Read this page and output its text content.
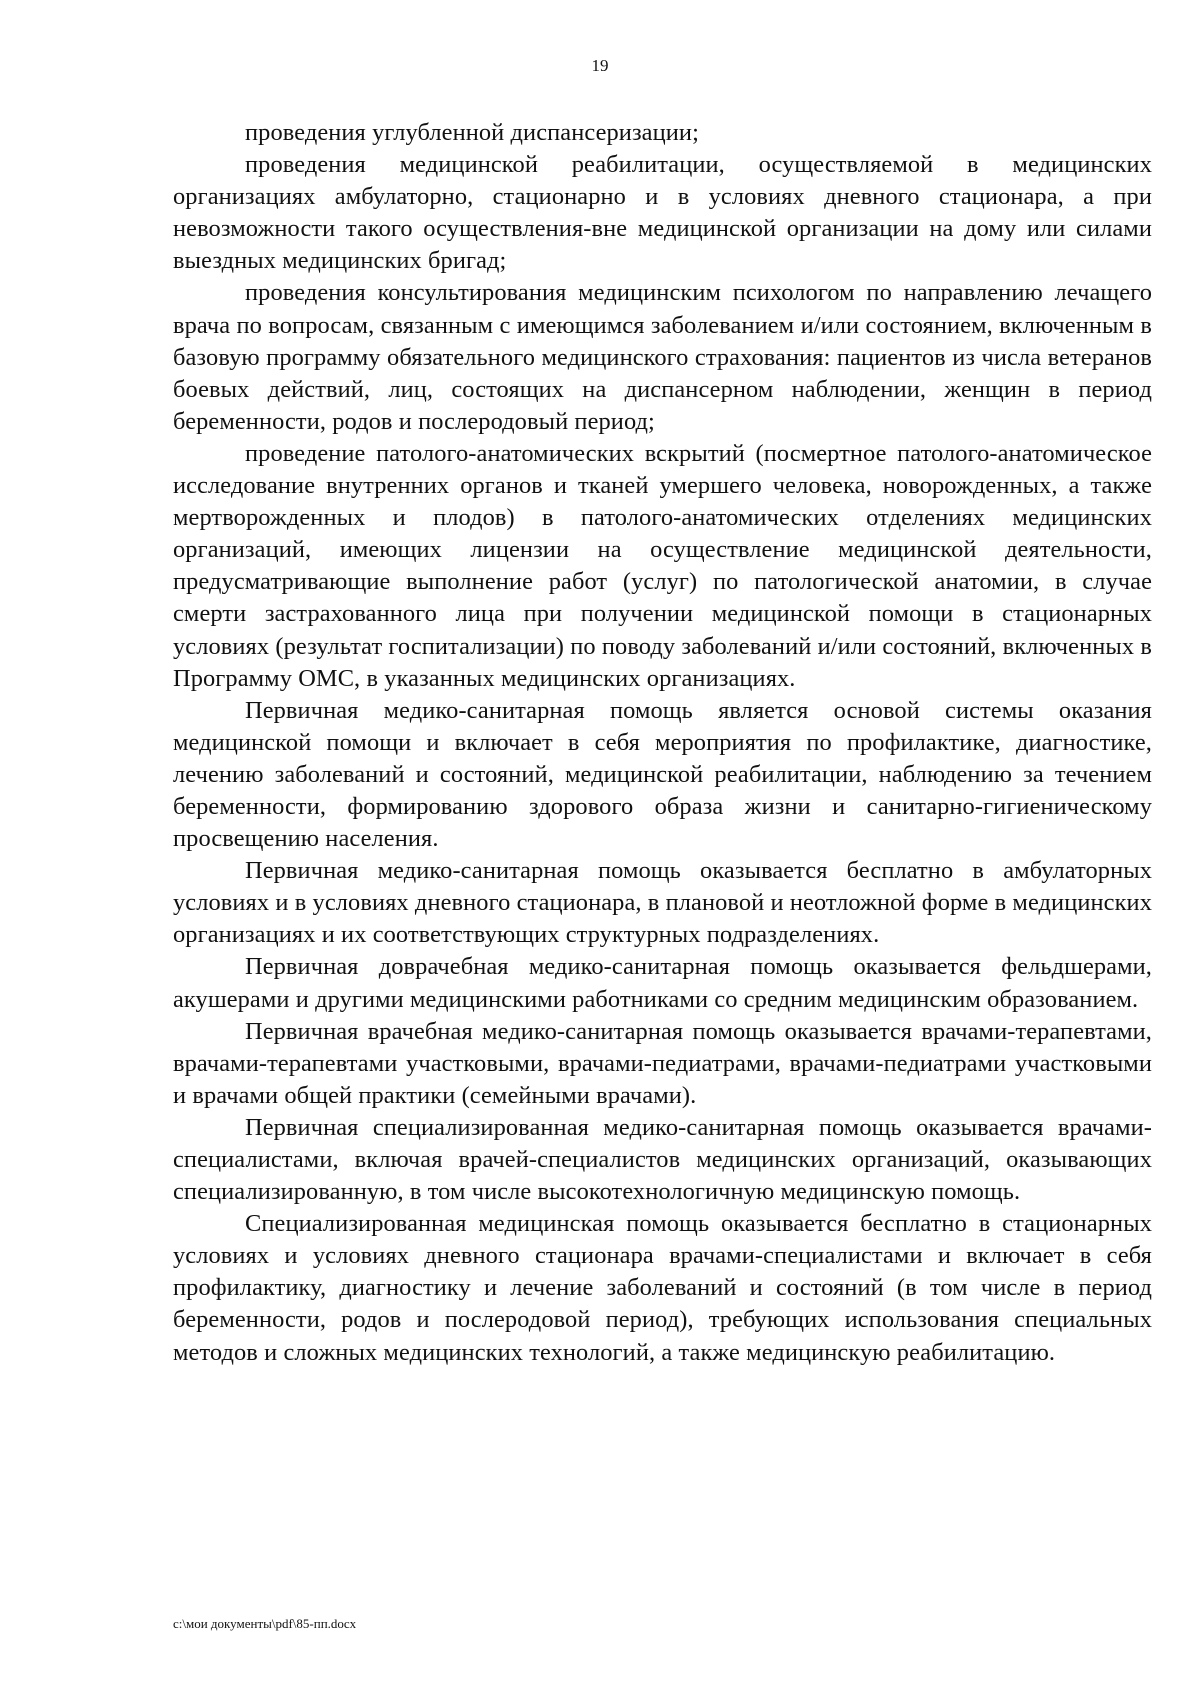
19

проведения углубленной диспансеризации;

проведения медицинской реабилитации, осуществляемой в медицинских организациях амбулаторно, стационарно и в условиях дневного стационара, а при невозможности такого осуществления-вне медицинской организации на дому или силами выездных медицинских бригад;

проведения консультирования медицинским психологом по направлению лечащего врача по вопросам, связанным с имеющимся заболеванием и/или состоянием, включенным в базовую программу обязательного медицинского страхования: пациентов из числа ветеранов боевых действий, лиц, состоящих на диспансерном наблюдении, женщин в период беременности, родов и послеродовый период;

проведение патолого-анатомических вскрытий (посмертное патолого-анатомическое исследование внутренних органов и тканей умершего человека, новорожденных, а также мертворожденных и плодов) в патолого-анатомических отделениях медицинских организаций, имеющих лицензии на осуществление медицинской деятельности, предусматривающие выполнение работ (услуг) по патологической анатомии, в случае смерти застрахованного лица при получении медицинской помощи в стационарных условиях (результат госпитализации) по поводу заболеваний и/или состояний, включенных в Программу ОМС, в указанных медицинских организациях.

Первичная медико-санитарная помощь является основой системы оказания медицинской помощи и включает в себя мероприятия по профилактике, диагностике, лечению заболеваний и состояний, медицинской реабилитации, наблюдению за течением беременности, формированию здорового образа жизни и санитарно-гигиеническому просвещению населения.

Первичная медико-санитарная помощь оказывается бесплатно в амбулаторных условиях и в условиях дневного стационара, в плановой и неотложной форме в медицинских организациях и их соответствующих структурных подразделениях.

Первичная доврачебная медико-санитарная помощь оказывается фельдшерами, акушерами и другими медицинскими работниками со средним медицинским образованием.

Первичная врачебная медико-санитарная помощь оказывается врачами-терапевтами, врачами-терапевтами участковыми, врачами-педиатрами, врачами-педиатрами участковыми и врачами общей практики (семейными врачами).

Первичная специализированная медико-санитарная помощь оказывается врачами-специалистами, включая врачей-специалистов медицинских организаций, оказывающих специализированную, в том числе высокотехнологичную медицинскую помощь.

Специализированная медицинская помощь оказывается бесплатно в стационарных условиях и условиях дневного стационара врачами-специалистами и включает в себя профилактику, диагностику и лечение заболеваний и состояний (в том числе в период беременности, родов и послеродовой период), требующих использования специальных методов и сложных медицинских технологий, а также медицинскую реабилитацию.

c:\мои документы\pdf\85-пп.docx
